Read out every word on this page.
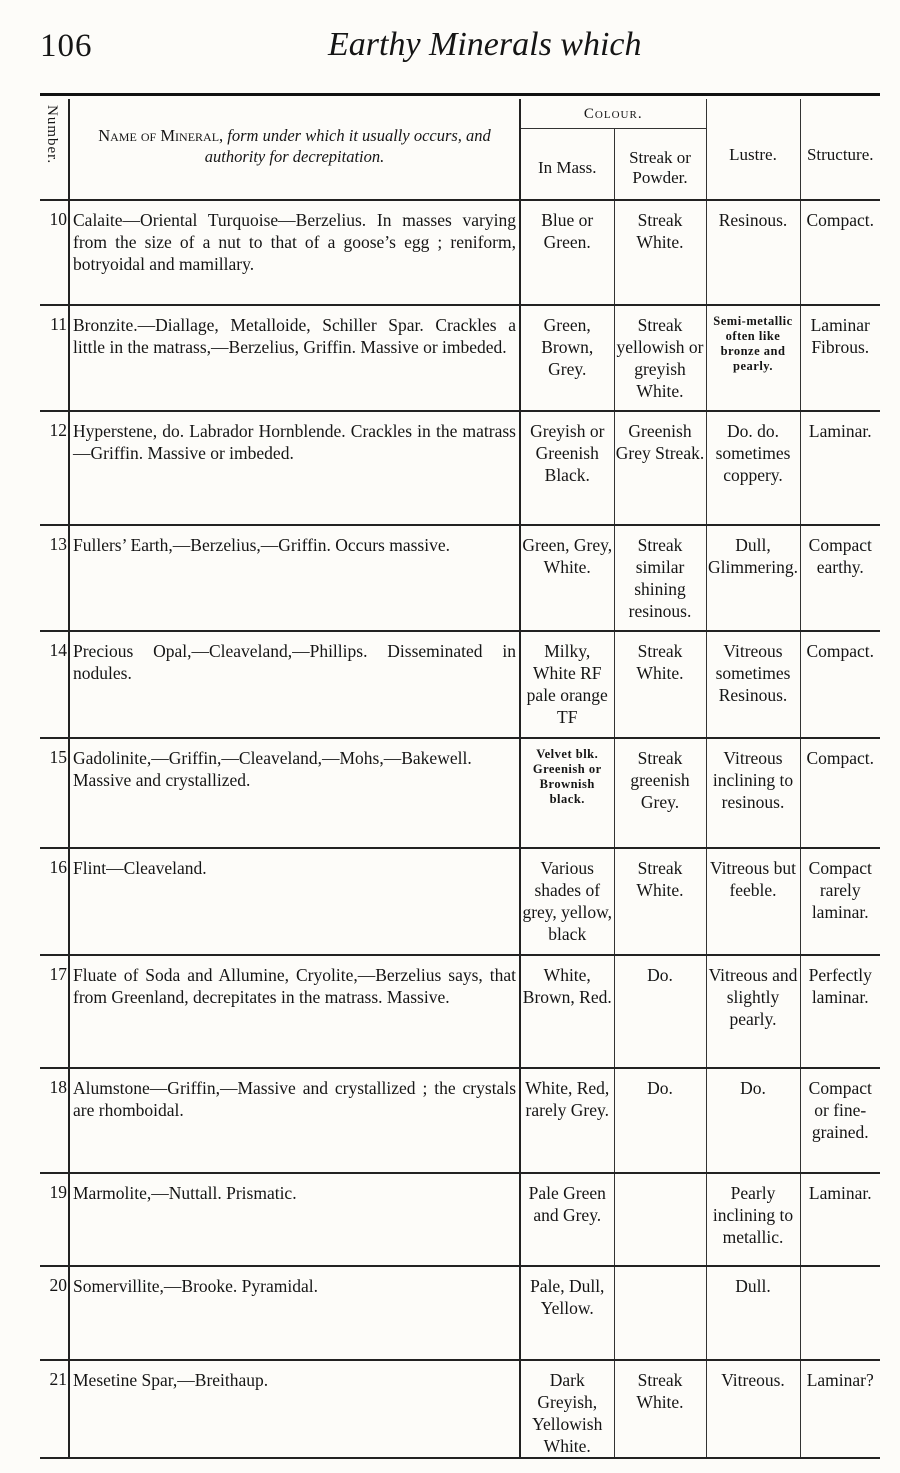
106	Earthy Minerals which
Number.	Name of Mineral, form under which it usually occurs, and authority for decrepitation.	Colour.		Lustre.	Structure.
		In Mass.	Streak or Powder.		
10	Calaite—Oriental Turquoise—Berzelius. In masses varying from the size of a nut to that of a goose’s egg ; reniform, botryoidal and mamillary.	Blue or Green.	Streak White.	Resinous.	Compact.
11	Bronzite.—Diallage, Metalloide, Schiller Spar. Crackles a little in the matrass,—Berzelius, Griffin. Massive or imbeded.	Green, Brown, Grey.	Streak yellowish or greyish White.	Semi-metallic often like bronze and pearly.	Laminar Fibrous.
12	Hyperstene, do. Labrador Hornblende. Crackles in the matrass—Griffin. Massive or imbeded.	Greyish or Greenish Black.	Greenish Grey Streak.	Do. do. sometimes coppery.	Laminar.
13	Fullers’ Earth,—Berzelius,—Griffin. Occurs massive.	Green, Grey, White.	Streak similar shining resinous.	Dull, Glimmering.	Compact earthy.
14	Precious Opal,—Cleaveland,—Phillips. Disseminated in nodules.	Milky, White RF pale orange TF	Streak White.	Vitreous sometimes Resinous.	Compact.
15	Gadolinite,—Griffin,—Cleaveland,—Mohs,—Bakewell. Massive and crystallized.	Velvet blk. Greenish or Brownish black.	Streak greenish Grey.	Vitreous inclining to resinous.	Compact.
16	Flint—Cleaveland.	Various shades of grey, yellow, black	Streak White.	Vitreous but feeble.	Compact rarely laminar.
17	Fluate of Soda and Allumine, Cryolite,—Berzelius says, that from Greenland, decrepitates in the matrass. Massive.	White, Brown, Red.	Do.	Vitreous and slightly pearly.	Perfectly laminar.
18	Alumstone—Griffin,—Massive and crystallized ; the crystals are rhomboidal.	White, Red, rarely Grey.	Do.	Do.	Compact or fine-grained.
19	Marmolite,—Nuttall. Prismatic.	Pale Green and Grey.		Pearly inclining to metallic.	Laminar.
20	Somervillite,—Brooke. Pyramidal.	Pale, Dull, Yellow.		Dull.	
21	Mesetine Spar,—Breithaup.	Dark Greyish, Yellowish White.	Streak White.	Vitreous.	Laminar?
